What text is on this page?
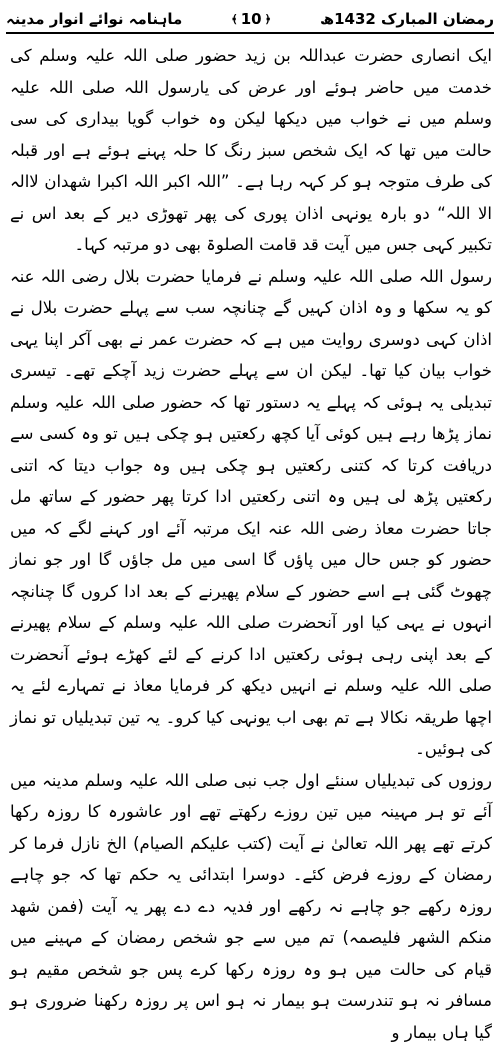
ماہنامہ نوائے انوار مدینہ	﴾ 10 ﴿	رمضان المبارک 1432ھ

ایک انصاری حضرت عبداللہ بن زید حضور صلی اللہ علیہ وسلم کی خدمت میں حاضر ہوئے اور عرض کی یارسول اللہ صلی اللہ علیہ وسلم میں نے خواب میں دیکھا لیکن وہ خواب گویا بیداری کی سی حالت میں تھا کہ ایک شخص سبز رنگ کا حلہ پہنے ہوئے ہے اور قبلہ کی طرف متوجہ ہو کر کہہ رہا ہے۔ ”اللہ اکبر اللہ اکبرا شھدان لاالہ الا اللہ“ دو بارہ یونہی اذان پوری کی پھر تھوڑی دیر کے بعد اس نے تکبیر کہی جس میں آیت قد قامت الصلوۃ بھی دو مرتبہ کہا۔

رسول اللہ صلی اللہ علیہ وسلم نے فرمایا حضرت بلال رضی اللہ عنہ کو یہ سکھا و وہ اذان کہیں گے چنانچہ سب سے پہلے حضرت بلال نے اذان کہی دوسری روایت میں ہے کہ حضرت عمر نے بھی آکر اپنا یہی خواب بیان کیا تھا۔ لیکن ان سے پہلے حضرت زید آچکے تھے۔ تیسری تبدیلی یہ ہوئی کہ پہلے یہ دستور تھا کہ حضور صلی اللہ علیہ وسلم نماز پڑھا رہے ہیں کوئی آیا کچھ رکعتیں ہو چکی ہیں تو وہ کسی سے دریافت کرتا کہ کتنی رکعتیں ہو چکی ہیں وہ جواب دیتا کہ اتنی رکعتیں پڑھ لی ہیں وہ اتنی رکعتیں ادا کرتا پھر حضور کے ساتھ مل جاتا حضرت معاذ رضی اللہ عنہ ایک مرتبہ آئے اور کہنے لگے کہ میں حضور کو جس حال میں پاؤں گا اسی میں مل جاؤں گا اور جو نماز چھوٹ گئی ہے اسے حضور کے سلام پھیرنے کے بعد ادا کروں گا چنانچہ انہوں نے یہی کیا اور آنحضرت صلی اللہ علیہ وسلم کے سلام پھیرنے کے بعد اپنی رہی ہوئی رکعتیں ادا کرنے کے لئے کھڑے ہوئے آنحضرت صلی اللہ علیہ وسلم نے انہیں دیکھ کر فرمایا معاذ نے تمہارے لئے یہ اچھا طریقہ نکالا ہے تم بھی اب یونہی کیا کرو۔ یہ تین تبدیلیاں تو نماز کی ہوئیں۔

روزوں کی تبدیلیاں سنئے اول جب نبی صلی اللہ علیہ وسلم مدینہ میں آئے تو ہر مہینہ میں تین روزے رکھتے تھے اور عاشورہ کا روزہ رکھا کرتے تھے پھر اللہ تعالیٰ نے آیت (کتب علیکم الصیام) الخ نازل فرما کر رمضان کے روزے فرض کئے۔ دوسرا ابتدائی یہ حکم تھا کہ جو چاہے روزہ رکھے جو چاہے نہ رکھے اور فدیہ دے دے پھر یہ آیت (فمن شھد منکم الشھر فلیصمہ) تم میں سے جو شخص رمضان کے مہینے میں قیام کی حالت میں ہو وہ روزہ رکھا کرے پس جو شخص مقیم ہو مسافر نہ ہو تندرست ہو بیمار نہ ہو اس پر روزہ رکھنا ضروری ہو گیا ہاں بیمار و
